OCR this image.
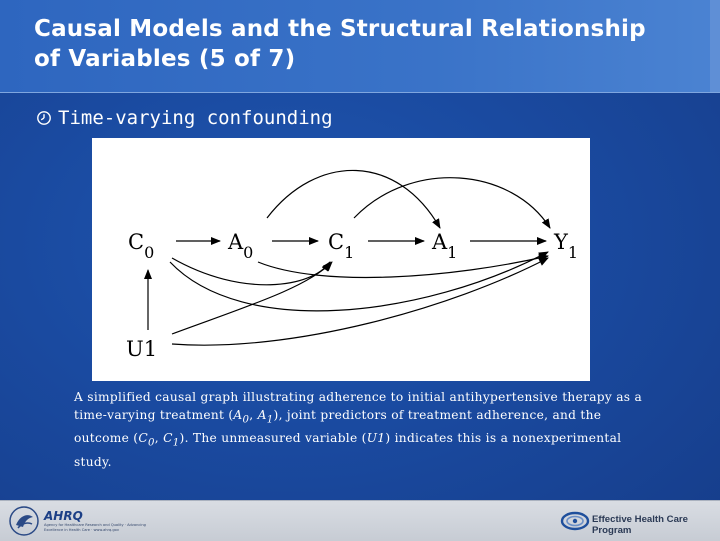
Causal Models and the Structural Relationship of Variables (5 of 7)
Time-varying confounding
$C_0$	$A_0$	$C_1$	$A_1$	$Y_1$
U1

A simplified causal graph illustrating adherence to initial antihypertensive therapy as a time-varying treatment ($A_0$, $A_1$), joint predictors of treatment adherence, and the outcome ($C_0$, $C_1$). The unmeasured variable (U1) indicates this is a nonexperimental study.

AHRQ
Agency for Healthcare Research and Quality · Advancing Excellence in Health Care · www.ahrq.gov
Effective Health Care Program
